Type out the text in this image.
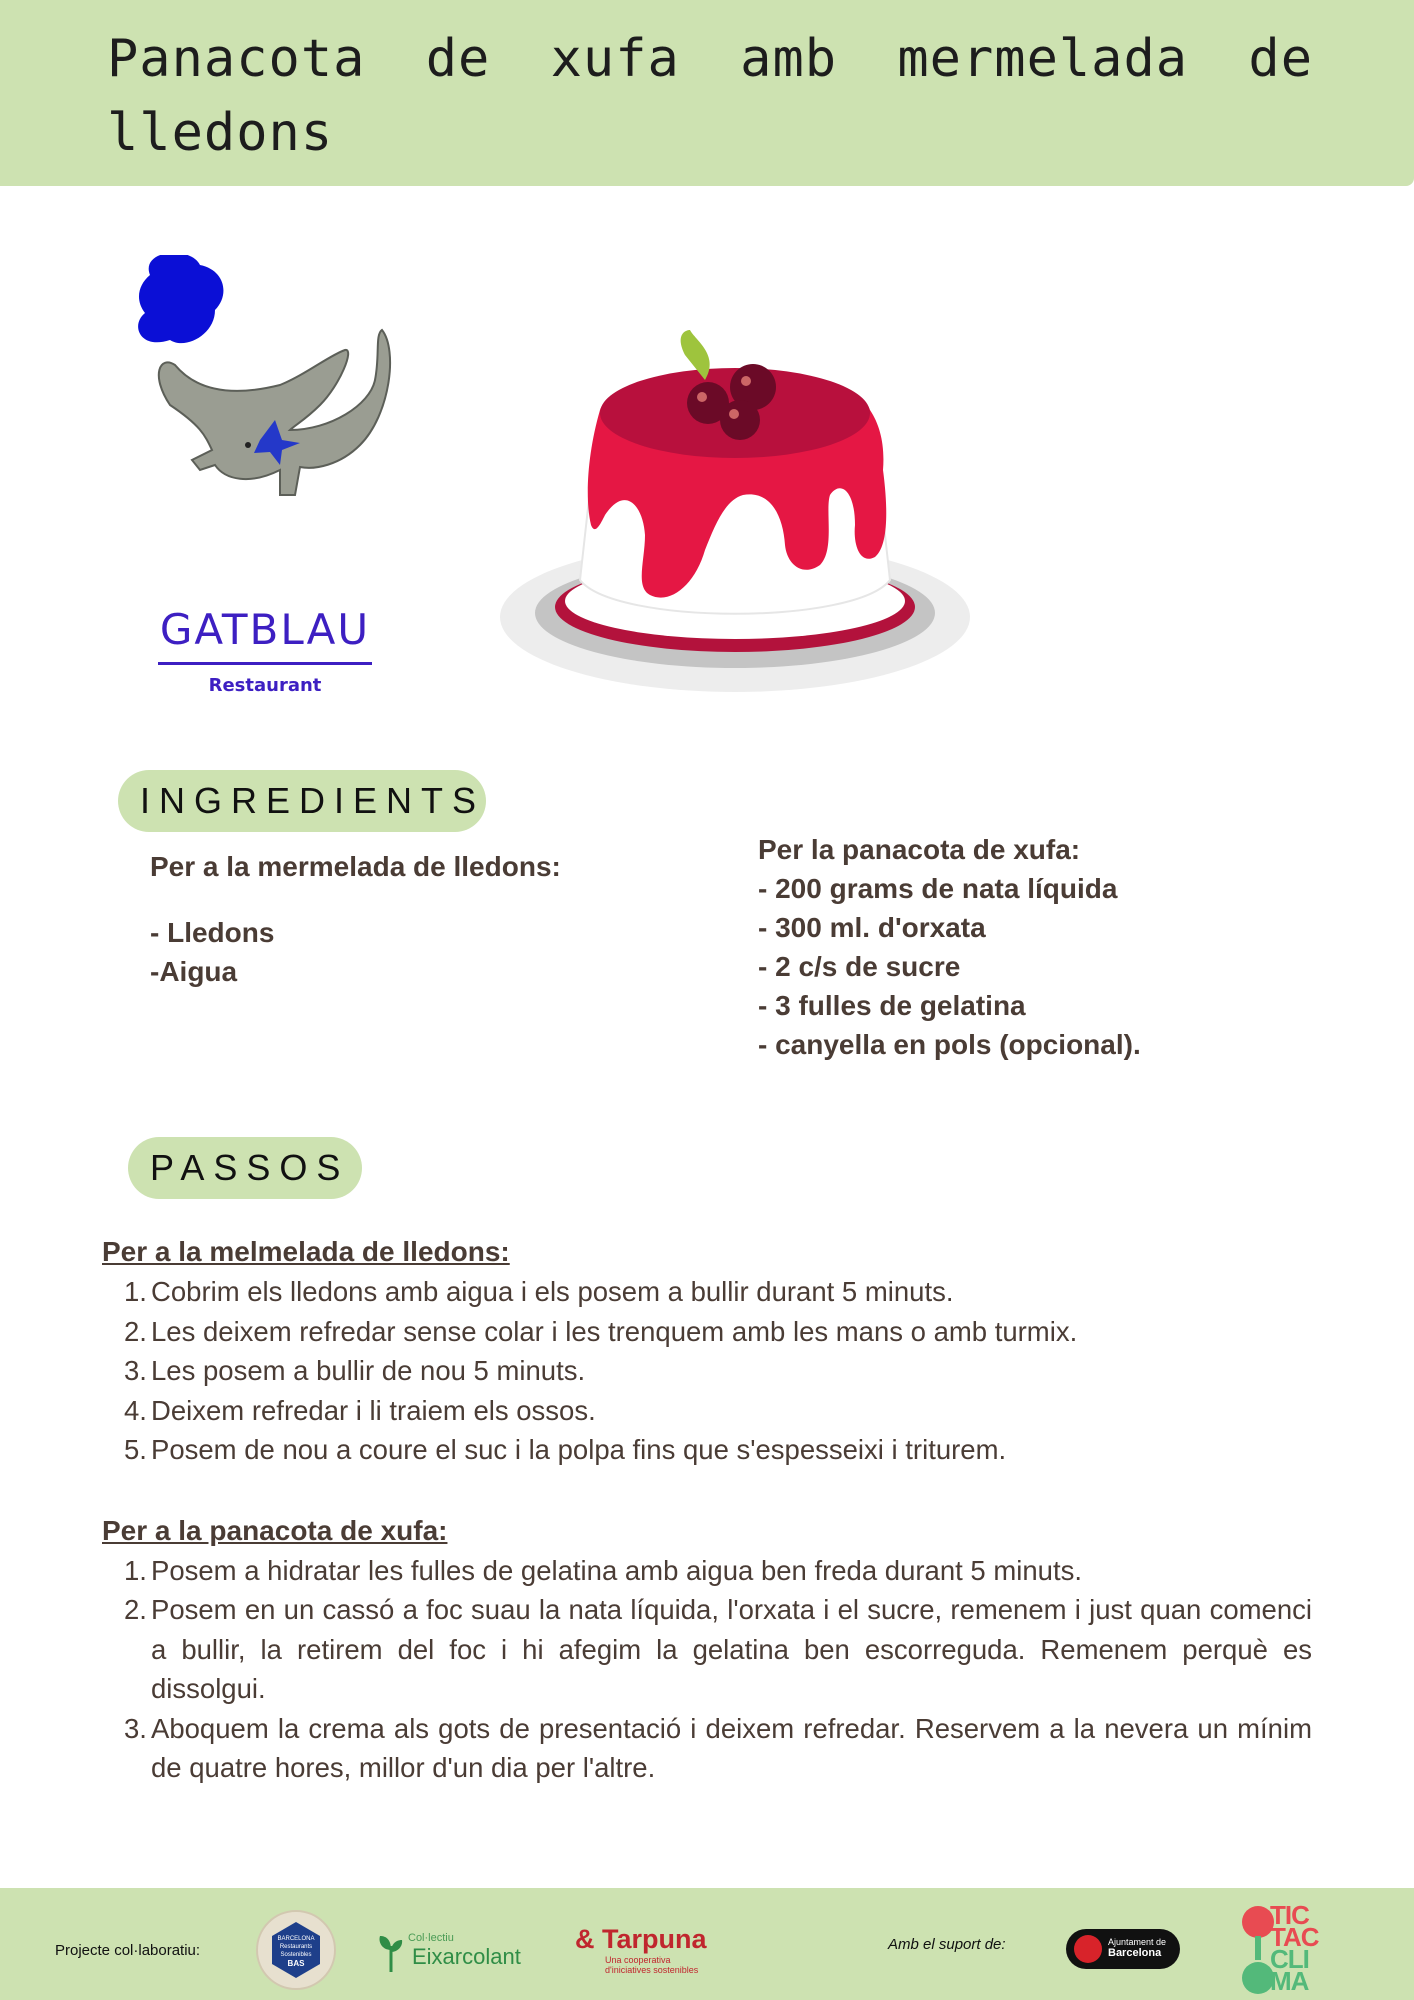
Panacota de xufa amb mermelada de lledons
GATBLAU
Restaurant
INGREDIENTS
Per a la mermelada de lledons:
- Lledons
-Aigua
Per la panacota de xufa:
- 200 grams de nata líquida
- 300 ml. d'orxata
- 2 c/s de sucre
- 3 fulles de gelatina
- canyella en pols (opcional).
PASSOS
Per a la melmelada de lledons:
1. Cobrim els lledons amb aigua i els posem a bullir durant 5 minuts.
2. Les deixem refredar sense colar i les trenquem amb les mans o amb turmix.
3. Les posem a bullir de nou 5 minuts.
4. Deixem refredar i li traiem els ossos.
5. Posem de nou a coure el suc i la polpa fins que s'espesseixi i triturem.
Per a la panacota de xufa:
1. Posem a hidratar les fulles de gelatina amb aigua ben freda durant 5 minuts.
2. Posem en un cassó a foc suau la nata líquida, l'orxata i el sucre, remenem i just quan comenci a bullir, la retirem del foc i hi afegim la gelatina ben escorreguda. Remenem perquè es dissolgui.
3. Aboquem la crema als gots de presentació i deixem refredar. Reservem a la nevera un mínim de quatre hores, millor d'un dia per l'altre.
Projecte col·laboratiu:
BARCELONA
Restaurants
Sostenibles
BAS
Col·lectiu
Eixarcolant
& Tarpuna
Una cooperativa
d'iniciatives sostenibles
Amb el suport de:	Ajuntament de
Barcelona
TIC
TAC
CLI
MA
